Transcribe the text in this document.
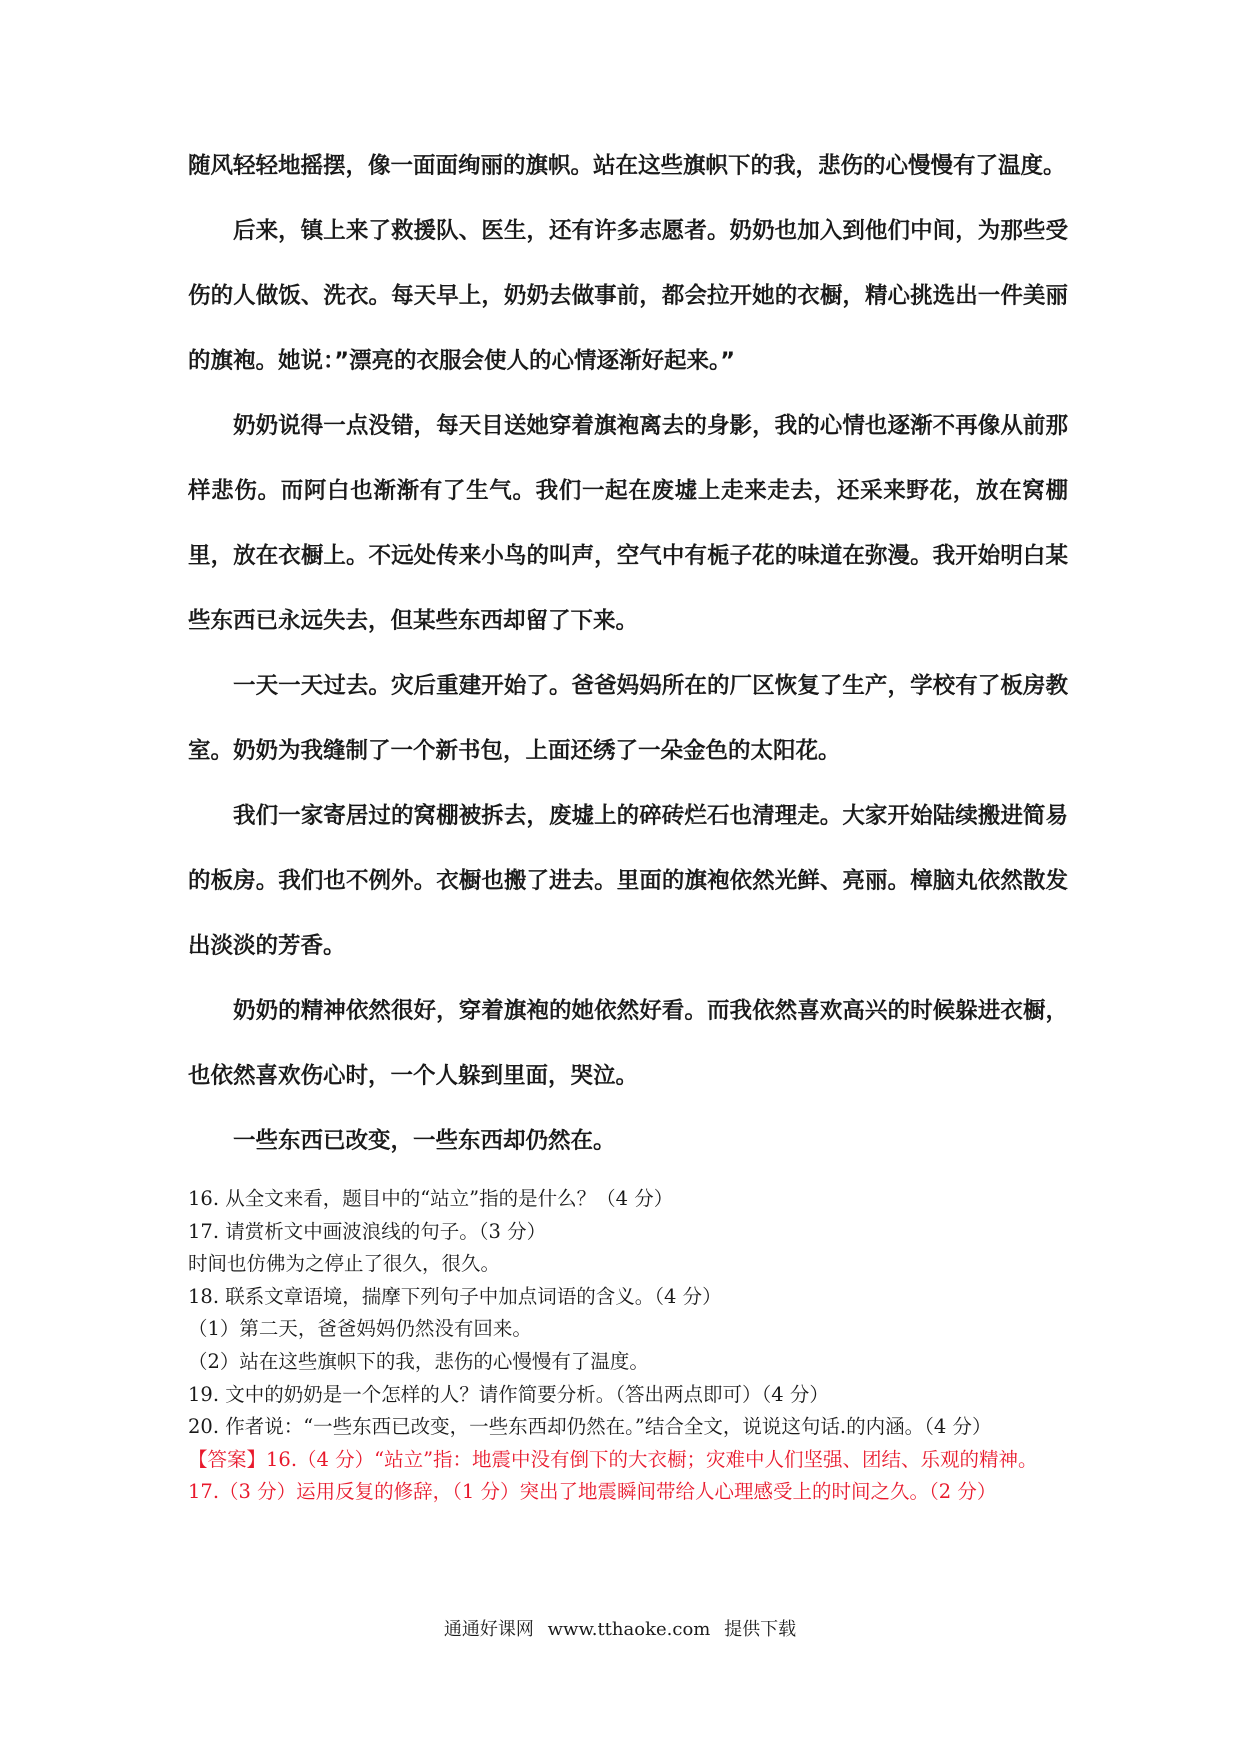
随风轻轻地摇摆，像一面面绚丽的旗帜。站在这些旗帜下的我，悲伤的心慢慢有了温度。

后来，镇上来了救援队、医生，还有许多志愿者。奶奶也加入到他们中间，为那些受伤的人做饭、洗衣。每天早上，奶奶去做事前，都会拉开她的衣橱，精心挑选出一件美丽的旗袍。她说：”漂亮的衣服会使人的心情逐渐好起来。”

奶奶说得一点没错，每天目送她穿着旗袍离去的身影，我的心情也逐渐不再像从前那样悲伤。而阿白也渐渐有了生气。我们一起在废墟上走来走去，还采来野花，放在窝棚里，放在衣橱上。不远处传来小鸟的叫声，空气中有栀子花的味道在弥漫。我开始明白某些东西已永远失去，但某些东西却留了下来。

一天一天过去。灾后重建开始了。爸爸妈妈所在的厂区恢复了生产，学校有了板房教室。奶奶为我缝制了一个新书包，上面还绣了一朵金色的太阳花。

我们一家寄居过的窝棚被拆去，废墟上的碎砖烂石也清理走。大家开始陆续搬进简易的板房。我们也不例外。衣橱也搬了进去。里面的旗袍依然光鲜、亮丽。樟脑丸依然散发出淡淡的芳香。

奶奶的精神依然很好，穿着旗袍的她依然好看。而我依然喜欢高兴的时候躲进衣橱，也依然喜欢伤心时，一个人躲到里面，哭泣。

一些东西已改变，一些东西却仍然在。

16. 从全文来看，题目中的“站立”指的是什么？（4 分）
17. 请赏析文中画波浪线的句子。（3 分）
时间也仿佛为之停止了很久，很久。
18. 联系文章语境，揣摩下列句子中加点词语的含义。（4 分）
（1）第二天，爸爸妈妈仍然没有回来。
（2）站在这些旗帜下的我，悲伤的心慢慢有了温度。
19. 文中的奶奶是一个怎样的人？请作简要分析。（答出两点即可）（4 分）
20. 作者说：“一些东西已改变，一些东西却仍然在。”结合全文，说说这句话.的内涵。（4 分）
【答案】16.（4 分）“站立”指：地震中没有倒下的大衣橱；灾难中人们坚强、团结、乐观的精神。
17.（3 分）运用反复的修辞，（1 分）突出了地震瞬间带给人心理感受上的时间之久。（2 分）
通通好课网 www.tthaoke.com 提供下载
